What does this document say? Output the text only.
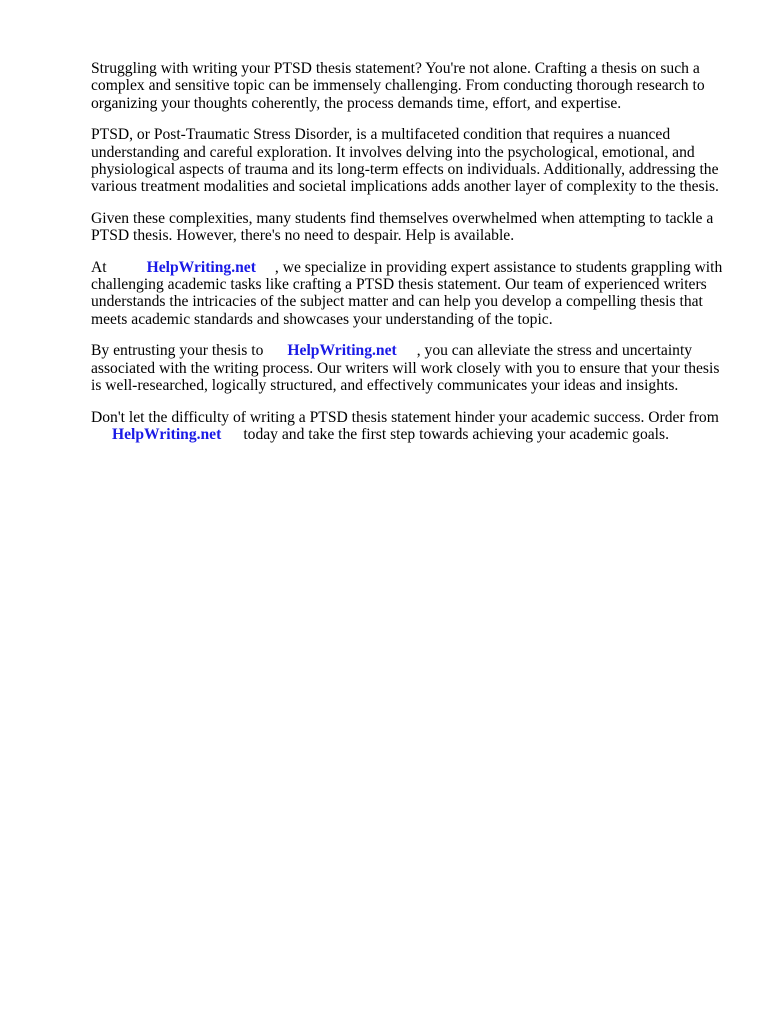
Struggling with writing your PTSD thesis statement? You're not alone. Crafting a thesis on such a
complex and sensitive topic can be immensely challenging. From conducting thorough research to
organizing your thoughts coherently, the process demands time, effort, and expertise.

PTSD, or Post-Traumatic Stress Disorder, is a multifaceted condition that requires a nuanced
understanding and careful exploration. It involves delving into the psychological, emotional, and
physiological aspects of trauma and its long-term effects on individuals. Additionally, addressing the
various treatment modalities and societal implications adds another layer of complexity to the thesis.

Given these complexities, many students find themselves overwhelmed when attempting to tackle a
PTSD thesis. However, there's no need to despair. Help is available.

At	HelpWriting.net , we specialize in providing expert assistance to students grappling with
challenging academic tasks like crafting a PTSD thesis statement. Our team of experienced writers
understands the intricacies of the subject matter and can help you develop a compelling thesis that
meets academic standards and showcases your understanding of the topic.

By entrusting your thesis to HelpWriting.net , you can alleviate the stress and uncertainty
associated with the writing process. Our writers will work closely with you to ensure that your thesis
is well-researched, logically structured, and effectively communicates your ideas and insights.

Don't let the difficulty of writing a PTSD thesis statement hinder your academic success. Order from
HelpWriting.net today and take the first step towards achieving your academic goals.
